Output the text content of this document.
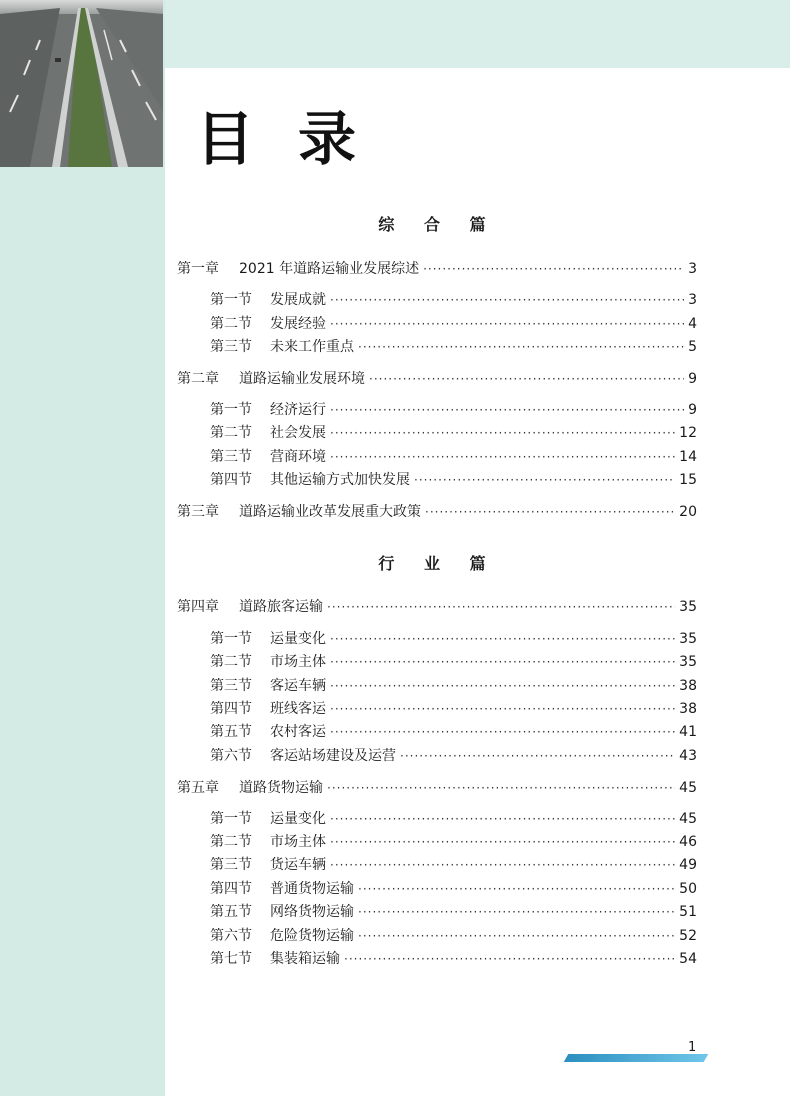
目录
综 合 篇
第一章	2021 年道路运输业发展综述 ·····	3
第一节	发展成就 ·····	3
第二节	发展经验 ·····	4
第三节	未来工作重点 ·····	5
第二章	道路运输业发展环境 ·····	9
第一节	经济运行 ·····	9
第二节	社会发展 ·····	12
第三节	营商环境 ·····	14
第四节	其他运输方式加快发展 ·····	15
第三章	道路运输业改革发展重大政策 ·····	20
行 业 篇
第四章	道路旅客运输 ·····	35
第一节	运量变化 ·····	35
第二节	市场主体 ·····	35
第三节	客运车辆 ·····	38
第四节	班线客运 ·····	38
第五节	农村客运 ·····	41
第六节	客运站场建设及运营 ·····	43
第五章	道路货物运输 ·····	45
第一节	运量变化 ·····	45
第二节	市场主体 ·····	46
第三节	货运车辆 ·····	49
第四节	普通货物运输 ·····	50
第五节	网络货物运输 ·····	51
第六节	危险货物运输 ·····	52
第七节	集装箱运输 ·····	54
1
